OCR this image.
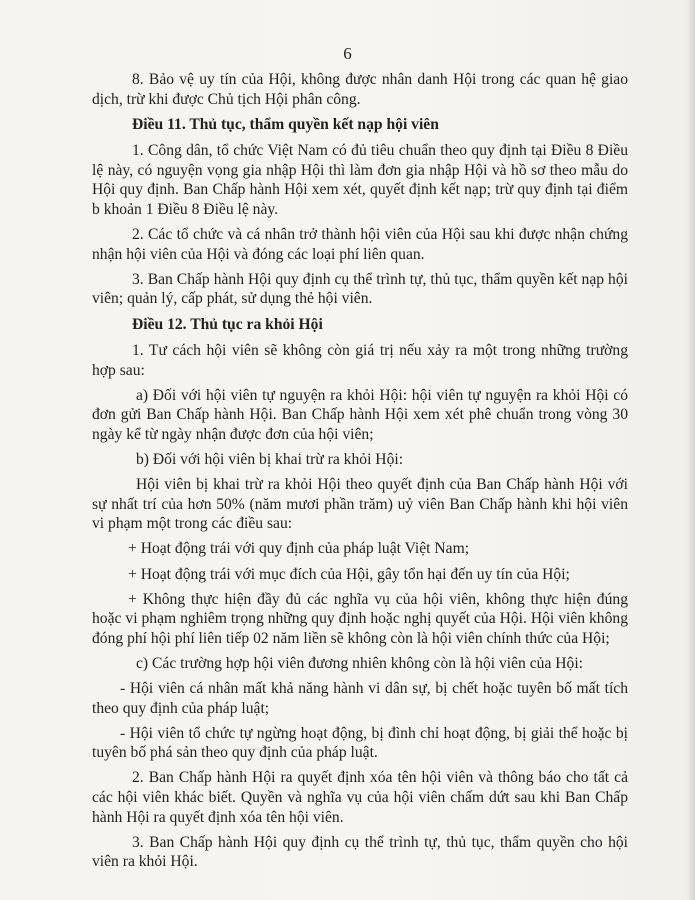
6

8. Bảo vệ uy tín của Hội, không được nhân danh Hội trong các quan hệ giao dịch, trừ khi được Chủ tịch Hội phân công.

Điều 11. Thủ tục, thẩm quyền kết nạp hội viên

1. Công dân, tổ chức Việt Nam có đủ tiêu chuẩn theo quy định tại Điều 8 Điều lệ này, có nguyện vọng gia nhập Hội thì làm đơn gia nhập Hội và hồ sơ theo mẫu do Hội quy định. Ban Chấp hành Hội xem xét, quyết định kết nạp; trừ quy định tại điểm b khoản 1 Điều 8 Điều lệ này.

2. Các tổ chức và cá nhân trở thành hội viên của Hội sau khi được nhận chứng nhận hội viên của Hội và đóng các loại phí liên quan.

3. Ban Chấp hành Hội quy định cụ thể trình tự, thủ tục, thẩm quyền kết nạp hội viên; quản lý, cấp phát, sử dụng thẻ hội viên.

Điều 12. Thủ tục ra khỏi Hội

1. Tư cách hội viên sẽ không còn giá trị nếu xảy ra một trong những trường hợp sau:

a) Đối với hội viên tự nguyện ra khỏi Hội: hội viên tự nguyện ra khỏi Hội có đơn gửi Ban Chấp hành Hội. Ban Chấp hành Hội xem xét phê chuẩn trong vòng 30 ngày kể từ ngày nhận được đơn của hội viên;

b) Đối với hội viên bị khai trừ ra khỏi Hội:

Hội viên bị khai trừ ra khỏi Hội theo quyết định của Ban Chấp hành Hội với sự nhất trí của hơn 50% (năm mươi phần trăm) uỷ viên Ban Chấp hành khi hội viên vi phạm một trong các điều sau:

+ Hoạt động trái với quy định của pháp luật Việt Nam;

+ Hoạt động trái với mục đích của Hội, gây tổn hại đến uy tín của Hội;

+ Không thực hiện đầy đủ các nghĩa vụ của hội viên, không thực hiện đúng hoặc vi phạm nghiêm trọng những quy định hoặc nghị quyết của Hội. Hội viên không đóng phí hội phí liên tiếp 02 năm liền sẽ không còn là hội viên chính thức của Hội;

c) Các trường hợp hội viên đương nhiên không còn là hội viên của Hội:

- Hội viên cá nhân mất khả năng hành vi dân sự, bị chết hoặc tuyên bố mất tích theo quy định của pháp luật;

- Hội viên tổ chức tự ngừng hoạt động, bị đình chỉ hoạt động, bị giải thể hoặc bị tuyên bố phá sản theo quy định của pháp luật.

2. Ban Chấp hành Hội ra quyết định xóa tên hội viên và thông báo cho tất cả các hội viên khác biết. Quyền và nghĩa vụ của hội viên chấm dứt sau khi Ban Chấp hành Hội ra quyết định xóa tên hội viên.

3. Ban Chấp hành Hội quy định cụ thể trình tự, thủ tục, thẩm quyền cho hội viên ra khỏi Hội.
